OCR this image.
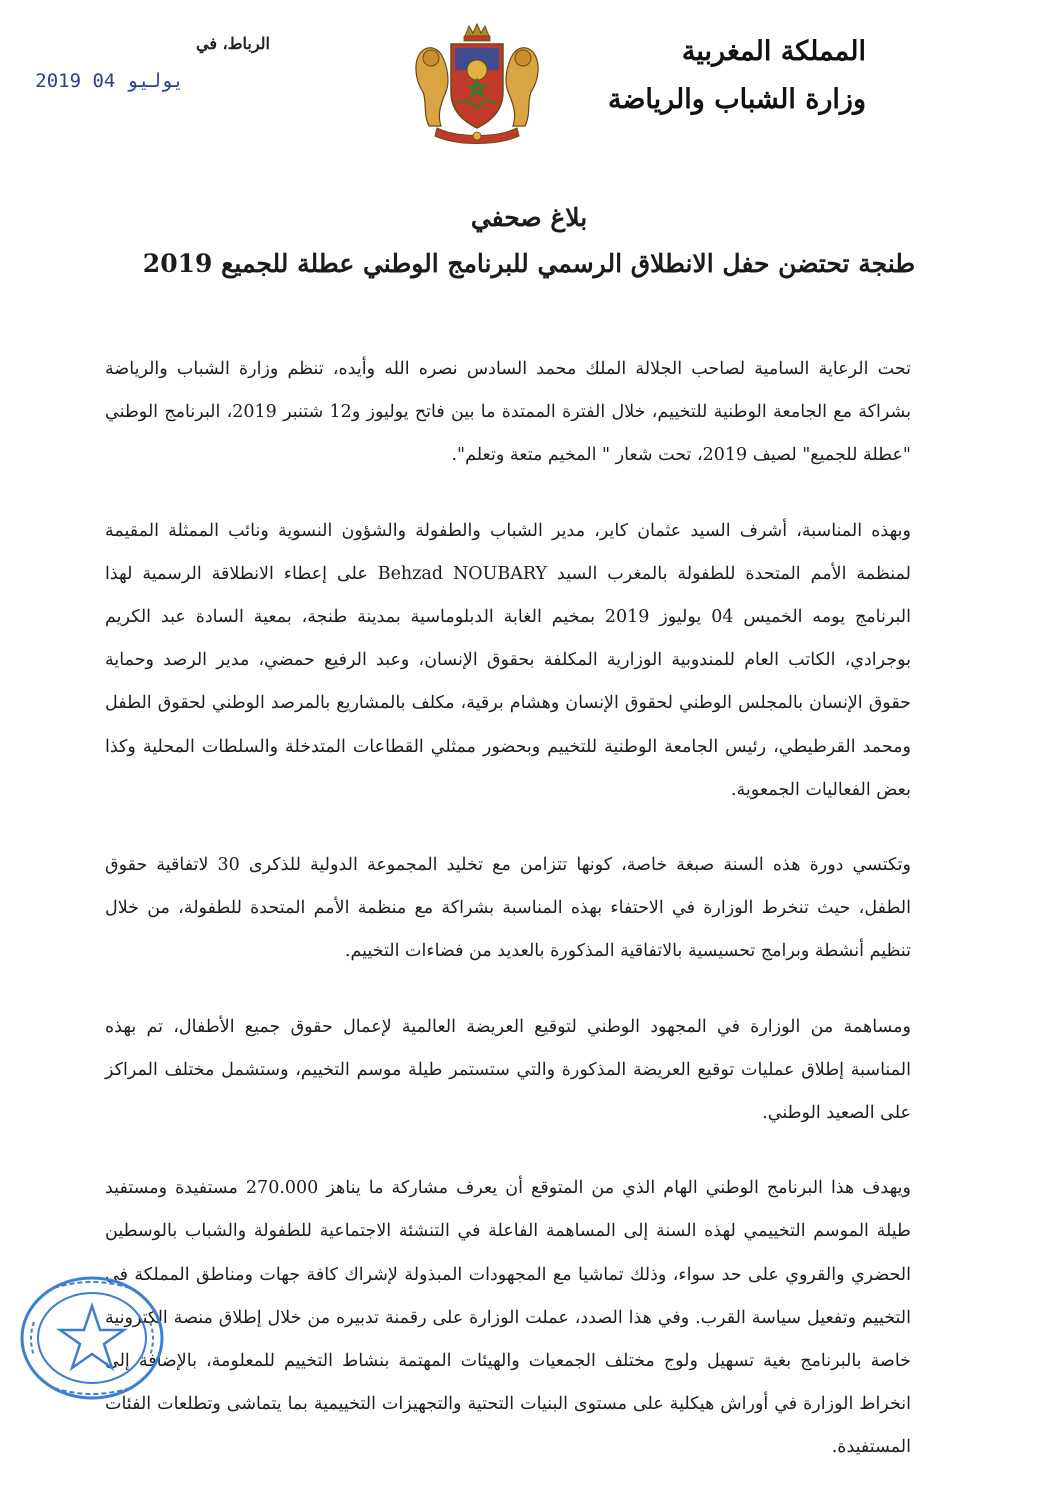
المملكة المغربية
وزارة الشباب والرياضة
الرباط، في
2019 يوليو 04
بلاغ صحفي
طنجة تحتضن حفل الانطلاق الرسمي للبرنامج الوطني عطلة للجميع 2019

تحت الرعاية السامية لصاحب الجلالة الملك محمد السادس نصره الله وأيده، تنظم وزارة الشباب والرياضة بشراكة مع الجامعة الوطنية للتخييم، خلال الفترة الممتدة ما بين فاتح يوليوز و12 شتنبر 2019، البرنامج الوطني "عطلة للجميع" لصيف 2019، تحت شعار " المخيم متعة وتعلم".

وبهذه المناسبة، أشرف السيد عثمان كاير، مدير الشباب والطفولة والشؤون النسوية ونائب الممثلة المقيمة لمنظمة الأمم المتحدة للطفولة بالمغرب السيد Behzad NOUBARY على إعطاء الانطلاقة الرسمية لهذا البرنامج يومه الخميس 04 يوليوز 2019 بمخيم الغابة الدبلوماسية بمدينة طنجة، بمعية السادة عبد الكريم بوجرادي، الكاتب العام للمندوبية الوزارية المكلفة بحقوق الإنسان، وعبد الرفيع حمضي، مدير الرصد وحماية حقوق الإنسان بالمجلس الوطني لحقوق الإنسان وهشام برقية، مكلف بالمشاريع بالمرصد الوطني لحقوق الطفل ومحمد القرطيطي، رئيس الجامعة الوطنية للتخييم وبحضور ممثلي القطاعات المتدخلة والسلطات المحلية وكذا بعض الفعاليات الجمعوية.

وتكتسي دورة هذه السنة صبغة خاصة، كونها تتزامن مع تخليد المجموعة الدولية للذكرى 30 لاتفاقية حقوق الطفل، حيث تنخرط الوزارة في الاحتفاء بهذه المناسبة بشراكة مع منظمة الأمم المتحدة للطفولة، من خلال تنظيم أنشطة وبرامج تحسيسية بالاتفاقية المذكورة بالعديد من فضاءات التخييم.

ومساهمة من الوزارة في المجهود الوطني لتوقيع العريضة العالمية لإعمال حقوق جميع الأطفال، تم بهذه المناسبة إطلاق عمليات توقيع العريضة المذكورة والتي ستستمر طيلة موسم التخييم، وستشمل مختلف المراكز على الصعيد الوطني.

ويهدف هذا البرنامج الوطني الهام الذي من المتوقع أن يعرف مشاركة ما يناهز 270.000 مستفيدة ومستفيد طيلة الموسم التخييمي لهذه السنة إلى المساهمة الفاعلة في التنشئة الاجتماعية للطفولة والشباب بالوسطين الحضري والقروي على حد سواء، وذلك تماشيا مع المجهودات المبذولة لإشراك كافة جهات ومناطق المملكة في التخييم وتفعيل سياسة القرب. وفي هذا الصدد، عملت الوزارة على رقمنة تدبيره من خلال إطلاق منصة الكترونية خاصة بالبرنامج بغية تسهيل ولوج مختلف الجمعيات والهيئات المهتمة بنشاط التخييم للمعلومة، بالإضافة إلى انخراط الوزارة في أوراش هيكلية على مستوى البنيات التحتية والتجهيزات التخييمية بما يتماشى وتطلعات الفئات المستفيدة.
